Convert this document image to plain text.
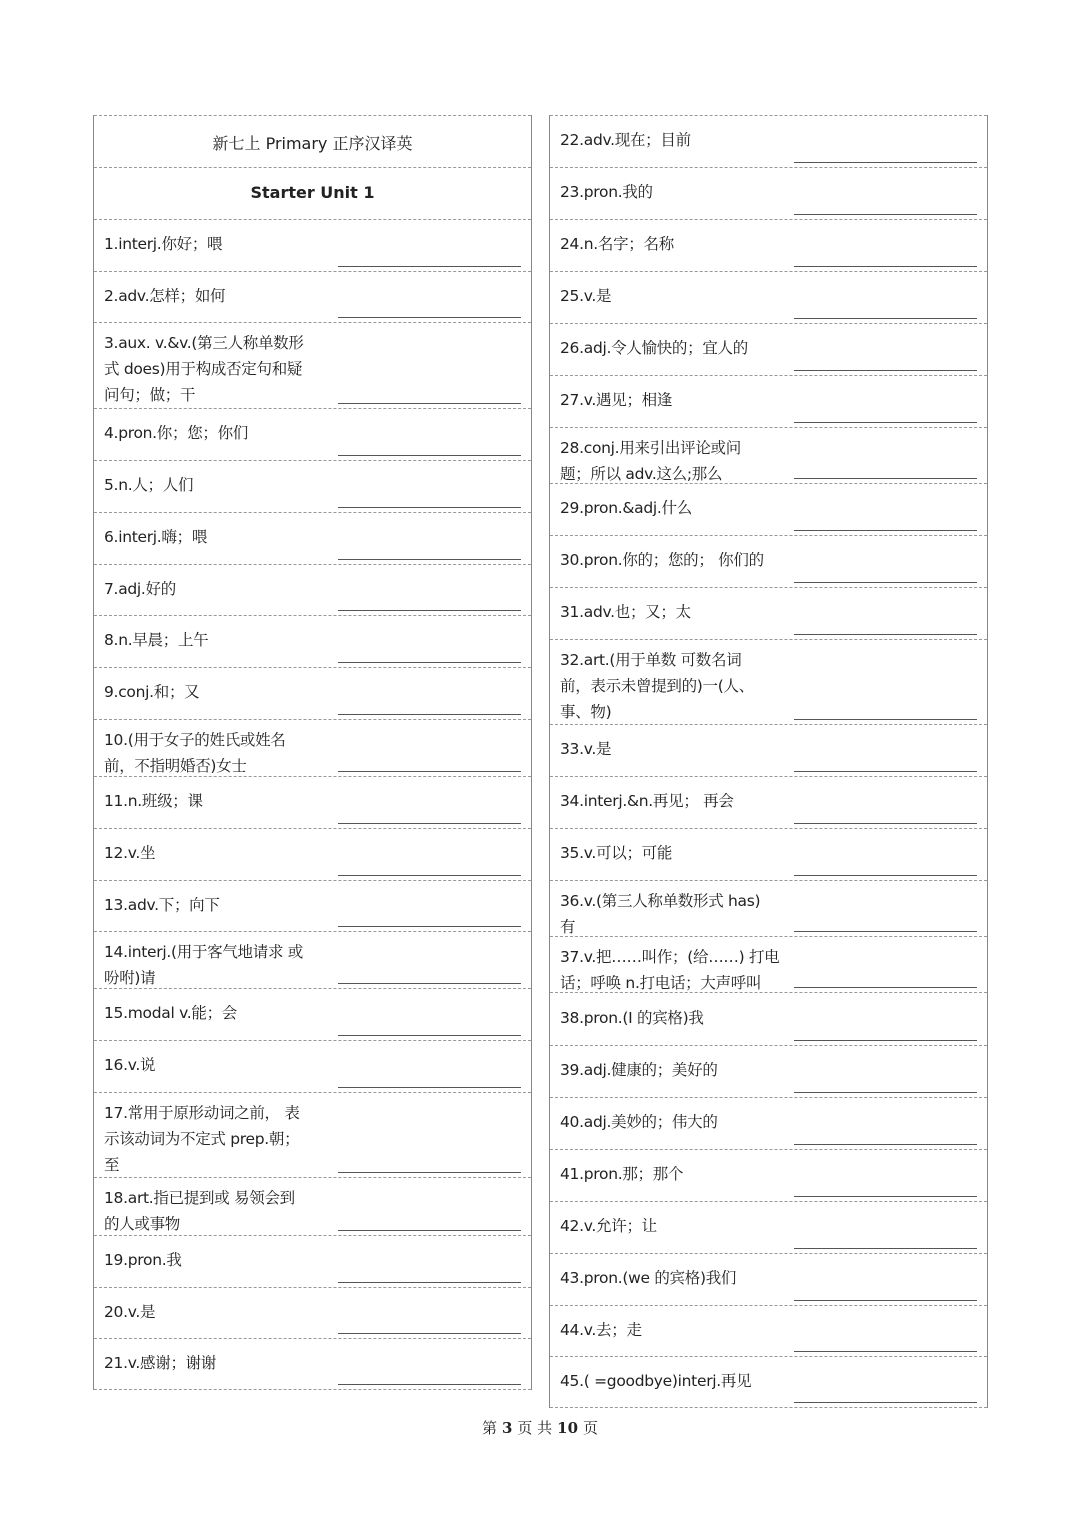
新七上 Primary 正序汉译英
Starter Unit 1
1.interj.你好；喂
2.adv.怎样；如何
3.aux. v.&v.(第三人称单数形
式 does)用于构成否定句和疑
问句；做；干
4.pron.你；您；你们
5.n.人；人们
6.interj.嗨；喂
7.adj.好的
8.n.早晨；上午
9.conj.和；又
10.(用于女子的姓氏或姓名
前，不指明婚否)女士
11.n.班级；课
12.v.坐
13.adv.下；向下
14.interj.(用于客气地请求 或
吩咐)请
15.modal v.能；会
16.v.说
17.常用于原形动词之前， 表
示该动词为不定式 prep.朝；
至
18.art.指已提到或 易领会到
的人或事物
19.pron.我
20.v.是
21.v.感谢；谢谢
22.adv.现在；目前
23.pron.我的
24.n.名字；名称
25.v.是
26.adj.令人愉快的；宜人的
27.v.遇见；相逢
28.conj.用来引出评论或问
题；所以 adv.这么;那么
29.pron.&adj.什么
30.pron.你的；您的； 你们的
31.adv.也；又；太
32.art.(用于单数 可数名词
前，表示未曾提到的)一(人、
事、物)
33.v.是
34.interj.&n.再见； 再会
35.v.可以；可能
36.v.(第三人称单数形式 has)
有
37.v.把……叫作；(给……) 打电
话；呼唤 n.打电话；大声呼叫
38.pron.(I 的宾格)我
39.adj.健康的；美好的
40.adj.美妙的；伟大的
41.pron.那；那个
42.v.允许；让
43.pron.(we 的宾格)我们
44.v.去；走
45.( =goodbye)interj.再见
第 3 页 共 10 页
